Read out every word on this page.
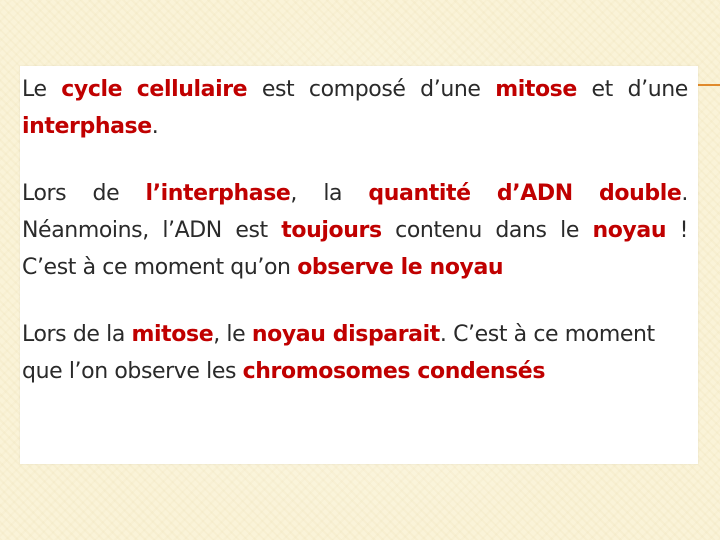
Le cycle cellulaire est composé d’une mitose et d’une
interphase.
Lors de l’interphase, la quantité d’ADN double.
Néanmoins, l’ADN est toujours contenu dans le noyau !
C’est à ce moment qu’on observe le noyau
Lors de la mitose, le noyau disparait. C’est à ce moment
que l’on observe les chromosomes condensés
